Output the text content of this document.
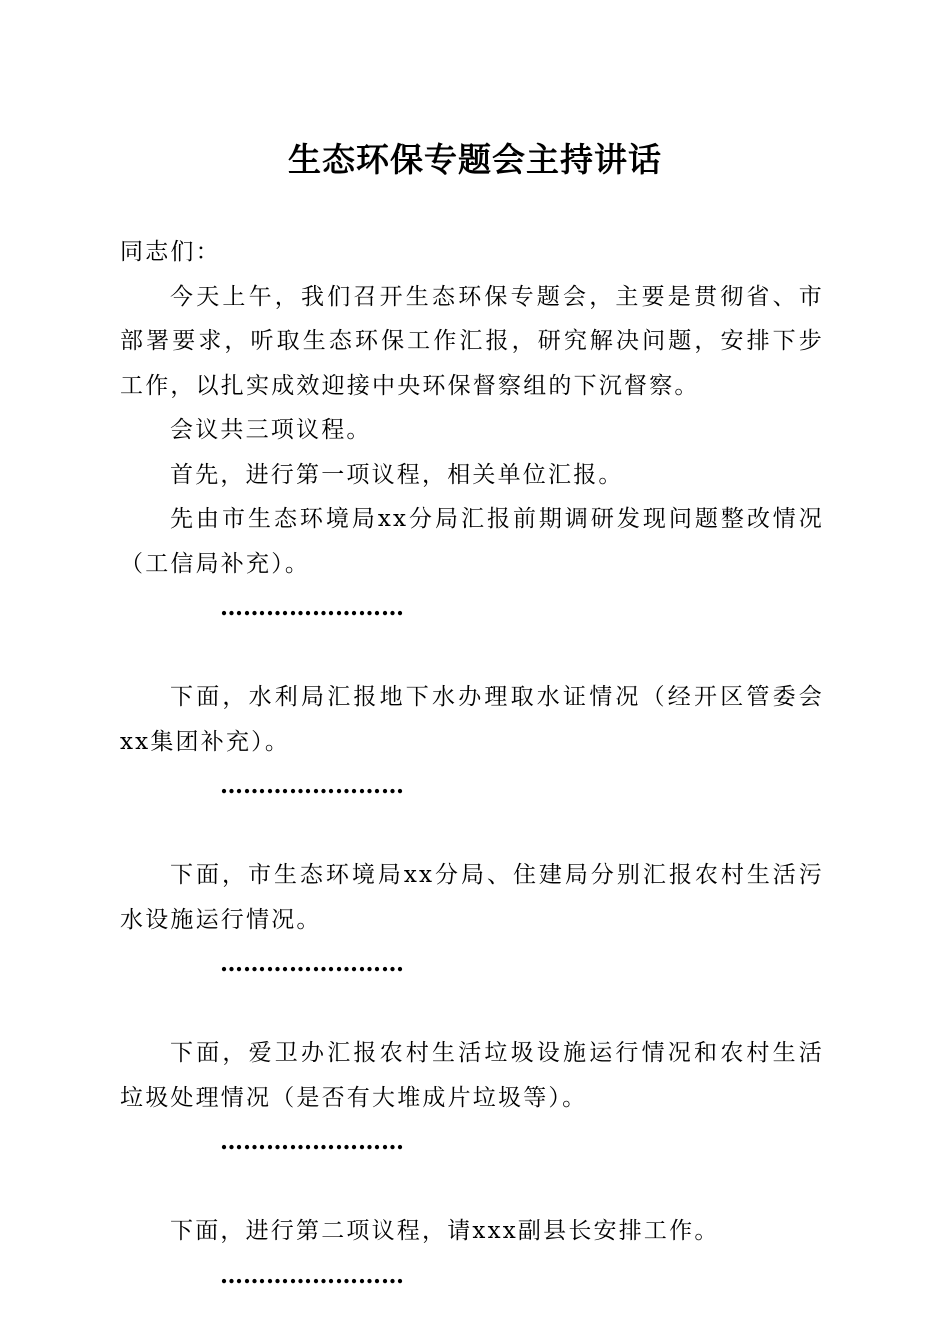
生态环保专题会主持讲话

同志们：

今天上午，我们召开生态环保专题会，主要是贯彻省、市部署要求，听取生态环保工作汇报，研究解决问题，安排下步工作，以扎实成效迎接中央环保督察组的下沉督察。

会议共三项议程。

首先，进行第一项议程，相关单位汇报。

先由市生态环境局xx分局汇报前期调研发现问题整改情况（工信局补充）。

……………………

下面，水利局汇报地下水办理取水证情况（经开区管委会xx集团补充）。

……………………

下面，市生态环境局xx分局、住建局分别汇报农村生活污水设施运行情况。

……………………

下面，爱卫办汇报农村生活垃圾设施运行情况和农村生活垃圾处理情况（是否有大堆成片垃圾等）。

……………………

下面，进行第二项议程，请xxx副县长安排工作。

……………………
